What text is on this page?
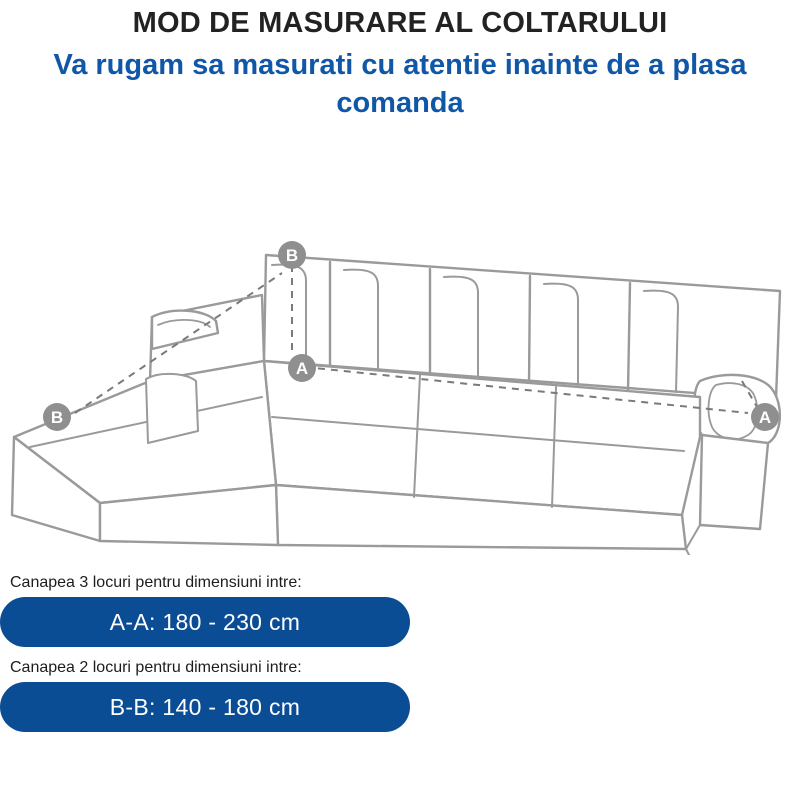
MOD DE MASURARE AL COLTARULUI
Va rugam sa masurati cu atentie inainte de a plasa comanda
B
A
B	A
Canapea 3 locuri pentru dimensiuni intre:
A-A: 180 - 230 cm
Canapea 2 locuri pentru dimensiuni intre:
B-B: 140 - 180 cm
